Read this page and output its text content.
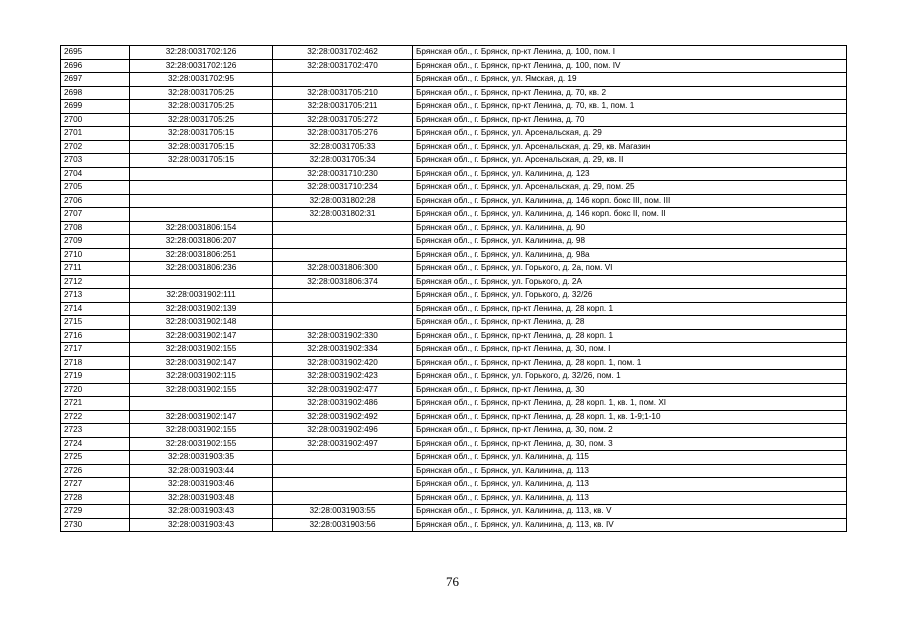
2695	32:28:0031702:126	32:28:0031702:462	Брянская обл., г. Брянск, пр-кт Ленина, д. 100, пом. I
2696	32:28:0031702:126	32:28:0031702:470	Брянская обл., г. Брянск, пр-кт Ленина, д. 100, пом. IV
2697	32:28:0031702:95		Брянская обл., г. Брянск, ул. Ямская, д. 19
2698	32:28:0031705:25	32:28:0031705:210	Брянская обл., г. Брянск, пр-кт Ленина, д. 70, кв. 2
2699	32:28:0031705:25	32:28:0031705:211	Брянская обл., г. Брянск, пр-кт Ленина, д. 70, кв. 1, пом. 1
2700	32:28:0031705:25	32:28:0031705:272	Брянская обл., г. Брянск, пр-кт Ленина, д. 70
2701	32:28:0031705:15	32:28:0031705:276	Брянская обл., г. Брянск, ул. Арсенальская, д. 29
2702	32:28:0031705:15	32:28:0031705:33	Брянская обл., г. Брянск, ул. Арсенальская, д. 29, кв. Магазин
2703	32:28:0031705:15	32:28:0031705:34	Брянская обл., г. Брянск, ул. Арсенальская, д. 29, кв. II
2704		32:28:0031710:230	Брянская обл., г. Брянск, ул. Калинина, д. 123
2705		32:28:0031710:234	Брянская обл., г. Брянск, ул. Арсенальская, д. 29, пом. 25
2706		32:28:0031802:28	Брянская обл., г. Брянск, ул. Калинина, д. 146 корп. бокс III, пом. III
2707		32:28:0031802:31	Брянская обл., г. Брянск, ул. Калинина, д. 146 корп. бокс II, пом. II
2708	32:28:0031806:154		Брянская обл., г. Брянск, ул. Калинина, д. 90
2709	32:28:0031806:207		Брянская обл., г. Брянск, ул. Калинина, д. 98
2710	32:28:0031806:251		Брянская обл., г. Брянск, ул. Калинина, д. 98а
2711	32:28:0031806:236	32:28:0031806:300	Брянская обл., г. Брянск, ул. Горького, д. 2а, пом. VI
2712		32:28:0031806:374	Брянская обл., г. Брянск, ул. Горького, д. 2А
2713	32:28:0031902:111		Брянская обл., г. Брянск, ул. Горького, д. 32/26
2714	32:28:0031902:139		Брянская обл., г. Брянск, пр-кт Ленина, д. 28 корп. 1
2715	32:28:0031902:148		Брянская обл., г. Брянск, пр-кт Ленина, д. 28
2716	32:28:0031902:147	32:28:0031902:330	Брянская обл., г. Брянск, пр-кт Ленина, д. 28 корп. 1
2717	32:28:0031902:155	32:28:0031902:334	Брянская обл., г. Брянск, пр-кт Ленина, д. 30, пом. I
2718	32:28:0031902:147	32:28:0031902:420	Брянская обл., г. Брянск, пр-кт Ленина, д. 28 корп. 1, пом. 1
2719	32:28:0031902:115	32:28:0031902:423	Брянская обл., г. Брянск, ул. Горького, д. 32/26, пом. 1
2720	32:28:0031902:155	32:28:0031902:477	Брянская обл., г. Брянск, пр-кт Ленина, д. 30
2721		32:28:0031902:486	Брянская обл., г. Брянск, пр-кт Ленина, д. 28 корп. 1, кв. 1, пом. XI
2722	32:28:0031902:147	32:28:0031902:492	Брянская обл., г. Брянск, пр-кт Ленина, д. 28 корп. 1, кв. 1-9;1-10
2723	32:28:0031902:155	32:28:0031902:496	Брянская обл., г. Брянск, пр-кт Ленина, д. 30, пом. 2
2724	32:28:0031902:155	32:28:0031902:497	Брянская обл., г. Брянск, пр-кт Ленина, д. 30, пом. 3
2725	32:28:0031903:35		Брянская обл., г. Брянск, ул. Калинина, д. 115
2726	32:28:0031903:44		Брянская обл., г. Брянск, ул. Калинина, д. 113
2727	32:28:0031903:46		Брянская обл., г. Брянск, ул. Калинина, д. 113
2728	32:28:0031903:48		Брянская обл., г. Брянск, ул. Калинина, д. 113
2729	32:28:0031903:43	32:28:0031903:55	Брянская обл., г. Брянск, ул. Калинина, д. 113, кв. V
2730	32:28:0031903:43	32:28:0031903:56	Брянская обл., г. Брянск, ул. Калинина, д. 113, кв. IV
76
